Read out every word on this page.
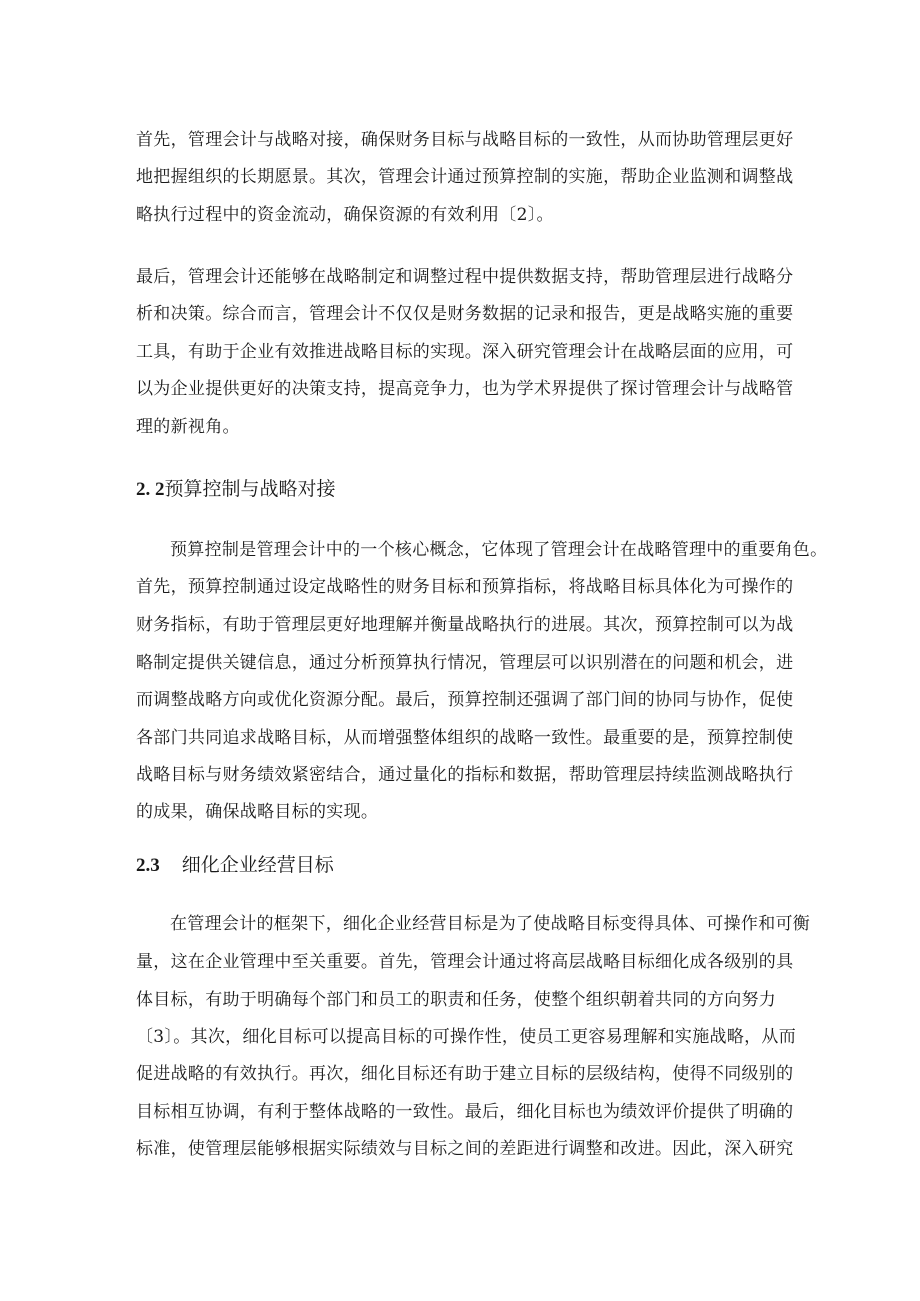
首先，管理会计与战略对接，确保财务目标与战略目标的一致性，从而协助管理层更好
地把握组织的长期愿景。其次，管理会计通过预算控制的实施，帮助企业监测和调整战
略执行过程中的资金流动，确保资源的有效利用〔2〕。
最后，管理会计还能够在战略制定和调整过程中提供数据支持，帮助管理层进行战略分
析和决策。综合而言，管理会计不仅仅是财务数据的记录和报告，更是战略实施的重要
工具，有助于企业有效推进战略目标的实现。深入研究管理会计在战略层面的应用，可
以为企业提供更好的决策支持，提高竞争力，也为学术界提供了探讨管理会计与战略管
理的新视角。
2. 2预算控制与战略对接
预算控制是管理会计中的一个核心概念，它体现了管理会计在战略管理中的重要角色。
首先，预算控制通过设定战略性的财务目标和预算指标，将战略目标具体化为可操作的
财务指标，有助于管理层更好地理解并衡量战略执行的进展。其次，预算控制可以为战
略制定提供关键信息，通过分析预算执行情况，管理层可以识别潜在的问题和机会，进
而调整战略方向或优化资源分配。最后，预算控制还强调了部门间的协同与协作，促使
各部门共同追求战略目标，从而增强整体组织的战略一致性。最重要的是，预算控制使
战略目标与财务绩效紧密结合，通过量化的指标和数据，帮助管理层持续监测战略执行
的成果，确保战略目标的实现。
2.3 细化企业经营目标
在管理会计的框架下，细化企业经营目标是为了使战略目标变得具体、可操作和可衡
量，这在企业管理中至关重要。首先，管理会计通过将高层战略目标细化成各级别的具
体目标，有助于明确每个部门和员工的职责和任务，使整个组织朝着共同的方向努力
〔3〕。其次，细化目标可以提高目标的可操作性，使员工更容易理解和实施战略，从而
促进战略的有效执行。再次，细化目标还有助于建立目标的层级结构，使得不同级别的
目标相互协调，有利于整体战略的一致性。最后，细化目标也为绩效评价提供了明确的
标准，使管理层能够根据实际绩效与目标之间的差距进行调整和改进。因此，深入研究
